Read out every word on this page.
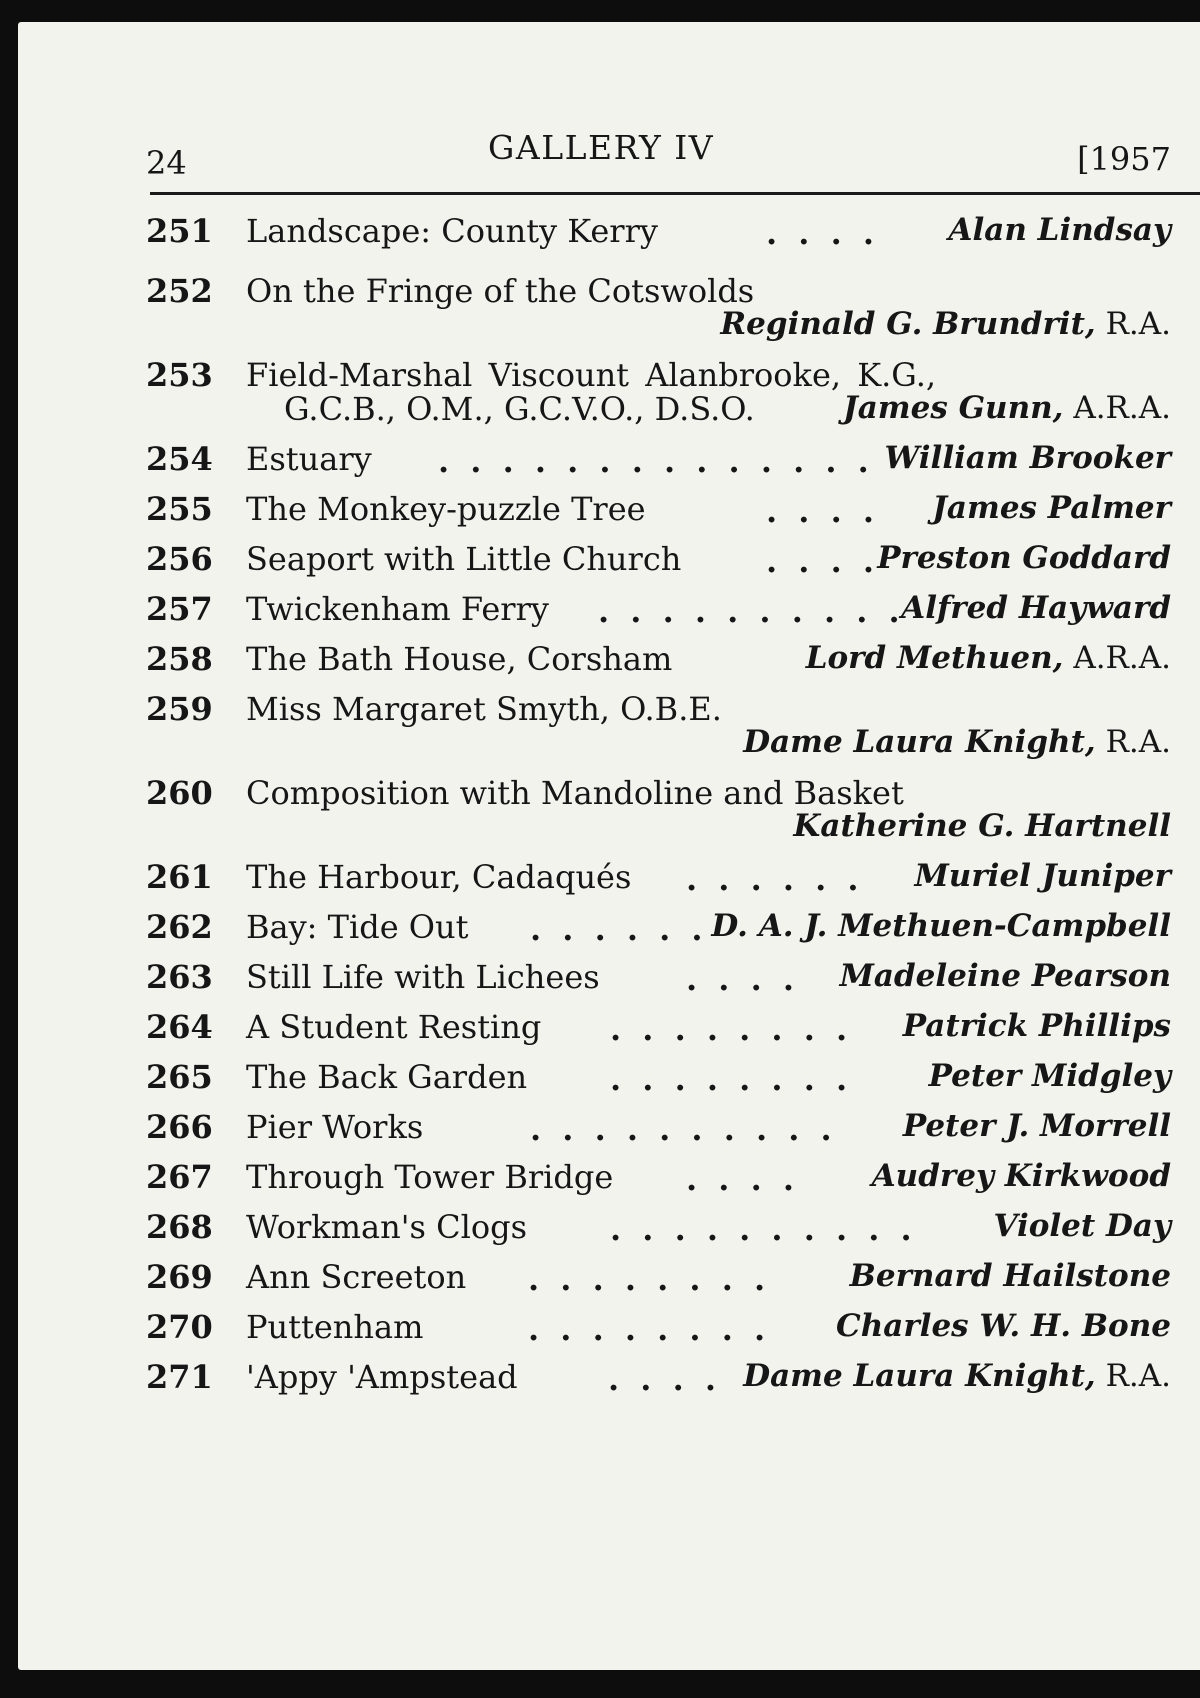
24	GALLERY IV	[1957
251 Landscape: County Kerry	. . . . Alan Lindsay
252 On the Fringe of the Cotswolds
Reginald G. Brundrit, R.A.
253 Field-Marshal Viscount Alanbrooke, K.G.,
G.C.B., O.M., G.C.V.O., D.S.O.	James Gunn, A.R.A.
254 Estuary . . . . . . . . . . . . . . William Brooker
255 The Monkey-puzzle Tree	. . . . James Palmer
256 Seaport with Little Church	. . . .
Preston Goddard
257 Twickenham Ferry . . . . . . . . . .
Alfred Hayward
258 The Bath House, Corsham	Lord Methuen, A.R.A.
259 Miss Margaret Smyth, O.B.E.
Dame Laura Knight, R.A.
260 Composition with Mandoline and Basket
Katherine G. Hartnell
261 The Harbour, Cadaqués . . . . . . Muriel Juniper
262 Bay: Tide Out . . . . . . D. A. J. Methuen-Campbell
263 Still Life with Lichees	. . . . Madeleine Pearson
264 A Student Resting . . . . . . . . Patrick Phillips
265 The Back Garden	. . . . . . . . Peter Midgley
266 Pier Works	. . . . . . . . . . Peter J. Morrell
267 Through Tower Bridge . . . . Audrey Kirkwood
268 Workman's Clogs	. . . . . . . . . . Violet Day
269 Ann Screeton . . . . . . . .	Bernard Hailstone
270 Puttenham	. . . . . . . . Charles W. H. Bone
271 'Appy 'Ampstead	. . . . Dame Laura Knight, R.A.
